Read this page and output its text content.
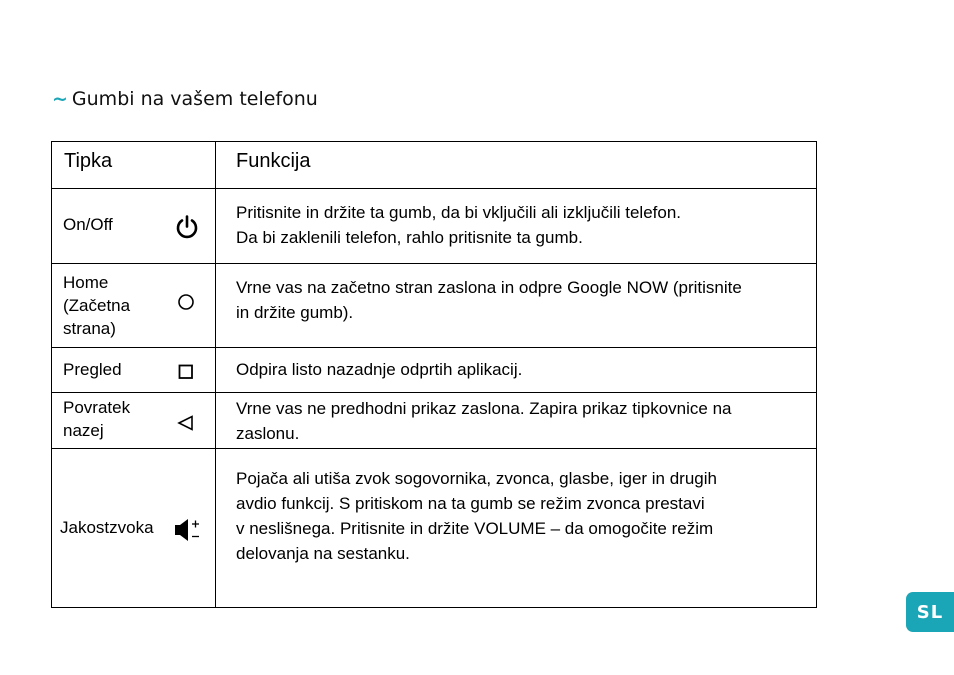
~ Gumbi na vašem telefonu
Tipka	Funkcija

On/Off	Pritisnite in držite ta gumb, da bi vključili ali izključili telefon.
Da bi zaklenili telefon, rahlo pritisnite ta gumb.

Home
(Začetna
strana)	Vrne vas na začetno stran zaslona in odpre Google NOW (pritisnite
in držite gumb).

Pregled	Odpira listo nazadnje odprtih aplikacij.

Povratek
nazej	Vrne vas ne predhodni prikaz zaslona. Zapira prikaz tipkovnice na
zaslonu.

Jakostzvoka	Pojača ali utiša zvok sogovornika, zvonca, glasbe, iger in drugih
avdio funkcij. S pritiskom na ta gumb se režim zvonca prestavi
v neslišnega. Pritisnite in držite VOLUME – da omogočite režim
delovanja na sestanku.
SL
